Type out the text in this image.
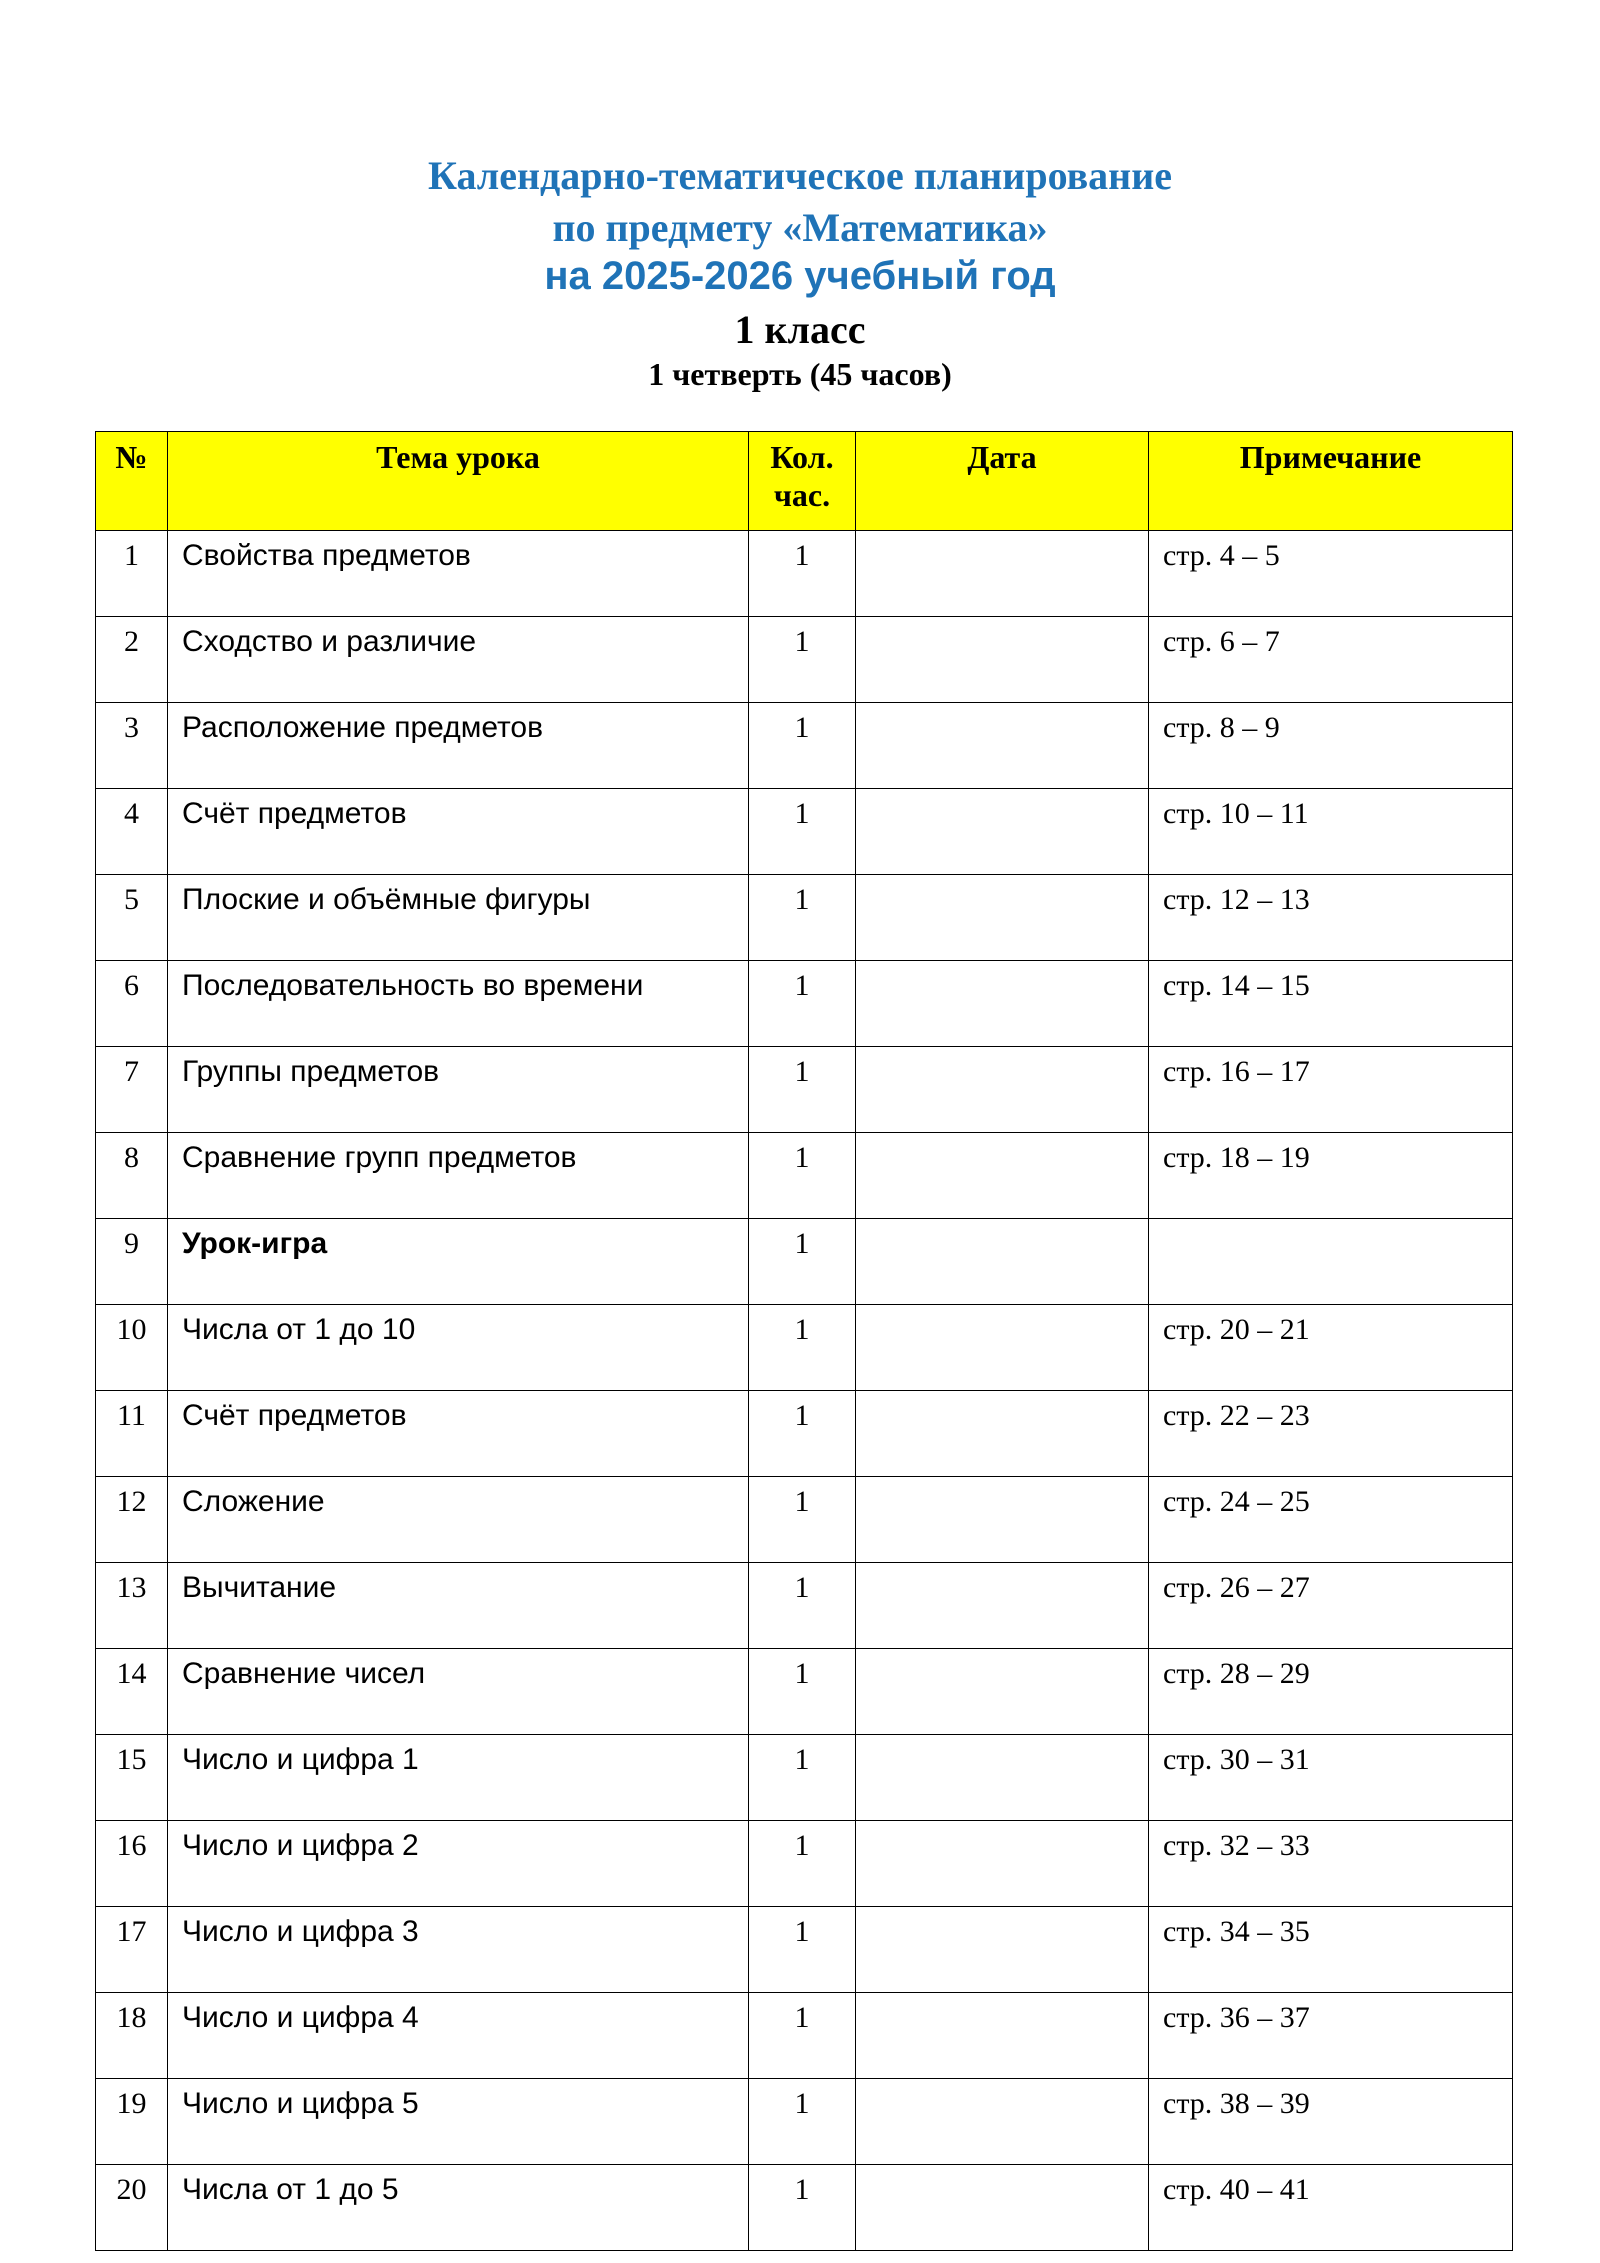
Календарно-тематическое планирование
по предмету «Математика»
на 2025-2026 учебный год
1 класс
1 четверть (45 часов)
№	Тема урока	Кол. час.	Дата	Примечание
1	Свойства предметов	1		стр. 4 – 5
2	Сходство и различие	1		стр. 6 – 7
3	Расположение предметов	1		стр. 8 – 9
4	Счёт предметов	1		стр. 10 – 11
5	Плоские и объёмные фигуры	1		стр. 12 – 13
6	Последовательность во времени	1		стр. 14 – 15
7	Группы предметов	1		стр. 16 – 17
8	Сравнение групп предметов	1		стр. 18 – 19
9	Урок-игра	1		
10	Числа от 1 до 10	1		стр. 20 – 21
11	Счёт предметов	1		стр. 22 – 23
12	Сложение	1		стр. 24 – 25
13	Вычитание	1		стр. 26 – 27
14	Сравнение чисел	1		стр. 28 – 29
15	Число и цифра 1	1		стр. 30 – 31
16	Число и цифра 2	1		стр. 32 – 33
17	Число и цифра 3	1		стр. 34 – 35
18	Число и цифра 4	1		стр. 36 – 37
19	Число и цифра 5	1		стр. 38 – 39
20	Числа от 1 до 5	1		стр. 40 – 41
